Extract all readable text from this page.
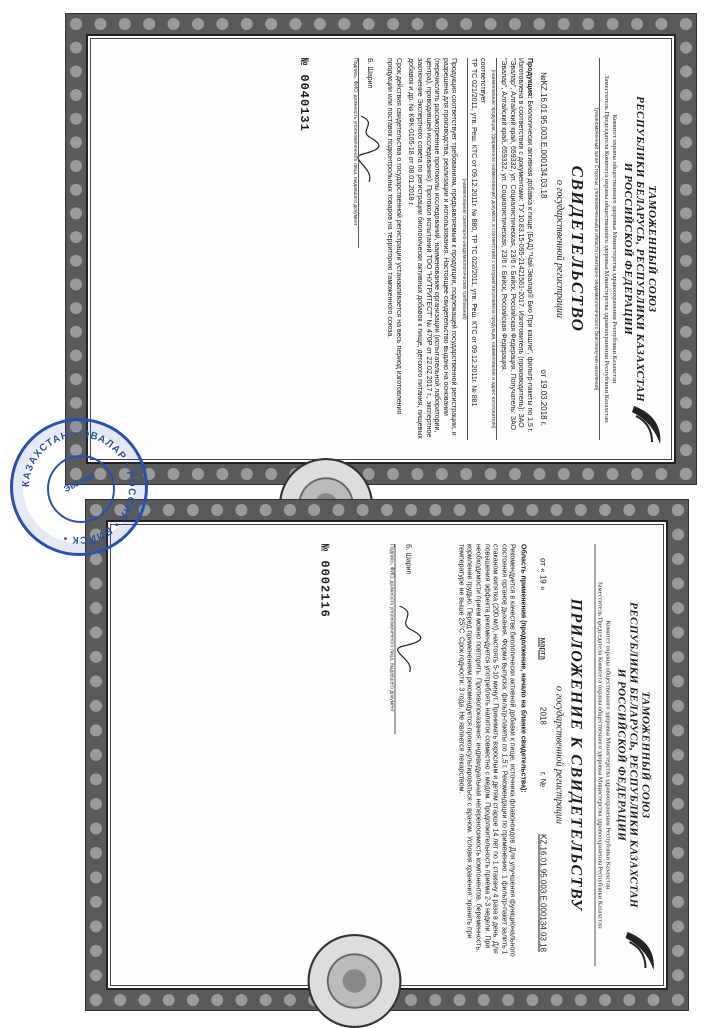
ТАМОЖЕННЫЙ СОЮЗ
РЕСПУБЛИКИ БЕЛАРУСЬ, РЕСПУБЛИКИ КАЗАХСТАН
И РОССИЙСКОЙ ФЕДЕРАЦИИ
Комитет охраны общественного здоровья Министерства здравоохранения Республики Казахстан
Заместитель Председателя Комитета охраны общественного здоровья Министерства здравоохранения Республики Казахстан
(уполномоченный орган Стороны, уполномоченный в области санитарно-эпидемиологического благополучия населения)
СВИДЕТЕЛЬСТВО
о государственной регистрации
№KZ.16.01.95.003.E.000134.03.18
от 19.03.2018 г.
Продукция: Биологически активная добавка к пище (БАД) "Чай Эвалар® Био При кашле", фильтр-пакеты по 1,5 г. Изготовлена в соответствии с документами: ТУ 10.83.15-095-21421561-2017. Изготовитель (производитель): ЗАО "Эвалар", Алтайский край, 659332, ул. Социалистическая, 23/6 г. Бийск, Российская Федерация. Получатель: ЗАО "Эвалар", Алтайский край, 659332, ул. Социалистическая, 23/6 г. Бийск, Российская Федерация.
(наименование продукции, (фирменное наименование) документ, в соответствии с которым изготовлена продукция, наименование и адрес изготовителя)
соответствует
ТР ТС 021/2011, утв. Реш. КТС от 09.12.2011г. № 880, ТР ТС 022/2011, утв. Реш. КТС от 09.12.2011г. № 881
(наименование санитарно-эпидемиологических требований)
Продукция соответствует требованиям, предъявляемым к продукции, подлежащей государственной регистрации, и разрешена для производства, реализации и использования. Настоящее свидетельство выдано на основании (перечислить рассмотренные протоколы исследований, наименование организации (испытательной лаборатории, центра), проводившей исследования): Протокол испытаний ТОО "НУТРИТЕСТ" № 470Р от 22.02.2017 г., экспертное заключение Экспертного совета по регистрации биологически активных добавок к пище, детского питания, пищевых добавок и др. № КФК-0165-18 от 08.01.2018 г.
Срок действия свидетельства о государственной регистрации устанавливается на весь период изготовления продукции или поставок подконтрольных товаров на территорию таможенного союза.
Б. Шарип
Подпись, ФИО, должность уполномоченного лица, выдавшего документ
№ 0040131
ТАМОЖЕННЫЙ СОЮЗ
РЕСПУБЛИКИ БЕЛАРУСЬ, РЕСПУБЛИКИ КАЗАХСТАН
И РОССИЙСКОЙ ФЕДЕРАЦИИ
Комитет охраны общественного здоровья Министерства здравоохранения Республики Казахстан
Заместитель Председателя Комитета охраны общественного здоровья Министерства здравоохранения Республики Казахстан
ПРИЛОЖЕНИЕ К СВИДЕТЕЛЬСТВУ
о государственной регистрации
от « 19 »
марта
2018
г. №
KZ.16.01.95.003.E.000134.03.18
Область применения (продолжение, начало на бланке свидетельства):
Рекомендуется в качестве биологически активной добавки к пище, источника флавоноидов. Для улучшения функционального состояния органов дыхания. Форма выпуска: фильтр-пакеты по 1,5 г. Рекомендации по применению: 1 фильтр-пакет залить 1 стаканом кипятка (200 мл), настоять 5-10 минут. Принимать взрослым и детям старше 14 лет по 1 стакану 4 раза в день. Для повышения эффекта рекомендуется употреблять напиток совместно с медом. Продолжительность приема 2-3 недели. При необходимости прием можно повторить. Противопоказания: индивидуальная непереносимость компонентов, беременность, кормление грудью. Перед применением рекомендуется проконсультироваться с врачом. Условия хранения: хранить при температуре не выше 25°С. Срок годности: 3 года. Не является лекарством.
Б. Шарип
Подпись, ФИО, должность уполномоченного лица, выдавшего документ
№ 0002116
КАЗАХСТАН • ЭВАЛАР • РОССИЯ • БИЙСК •
Эвалар
